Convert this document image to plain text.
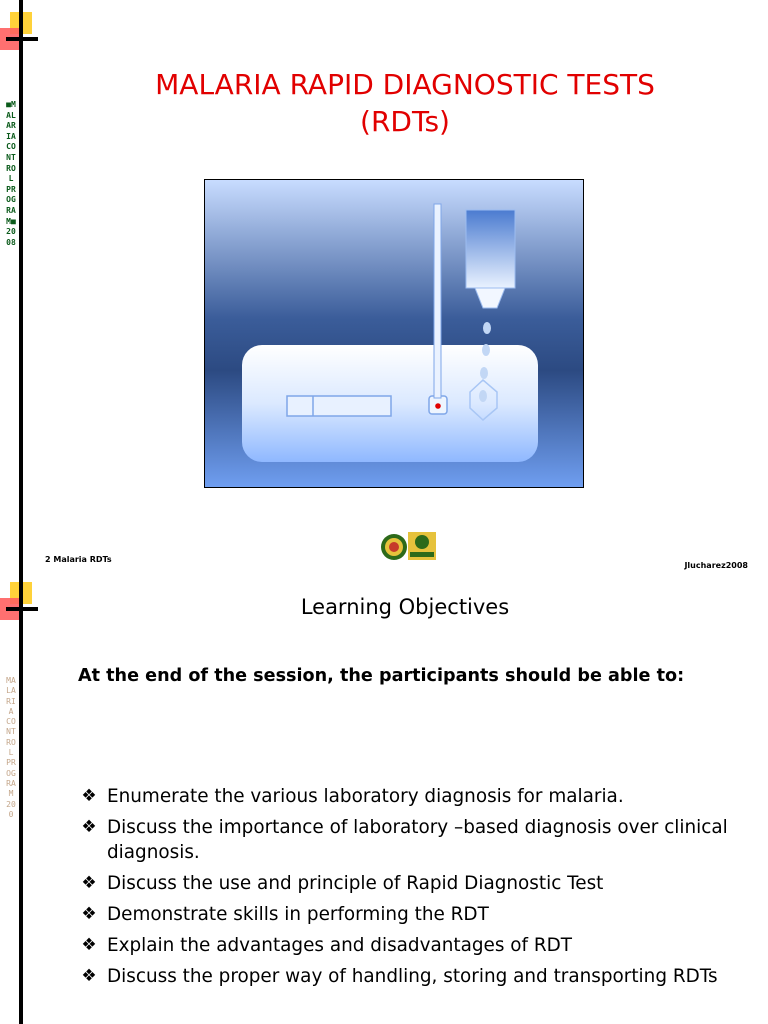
■MALARIA CONTROL PROGRAM■ 2008
MALARIA RAPID DIAGNOSTIC TESTS
(RDTs)
2 Malaria RDTs
Jlucharez2008
MALARIA CONTROL PROGRAM 200
Learning Objectives
At the end of the session, the participants should be able to:
❖ Enumerate the various laboratory diagnosis for malaria.
❖ Discuss the importance of laboratory –based diagnosis over clinical diagnosis.
❖ Discuss the use and principle of Rapid Diagnostic Test
❖ Demonstrate skills in performing the RDT
❖ Explain the advantages and disadvantages of RDT
❖ Discuss the proper way of handling, storing and transporting RDTs
